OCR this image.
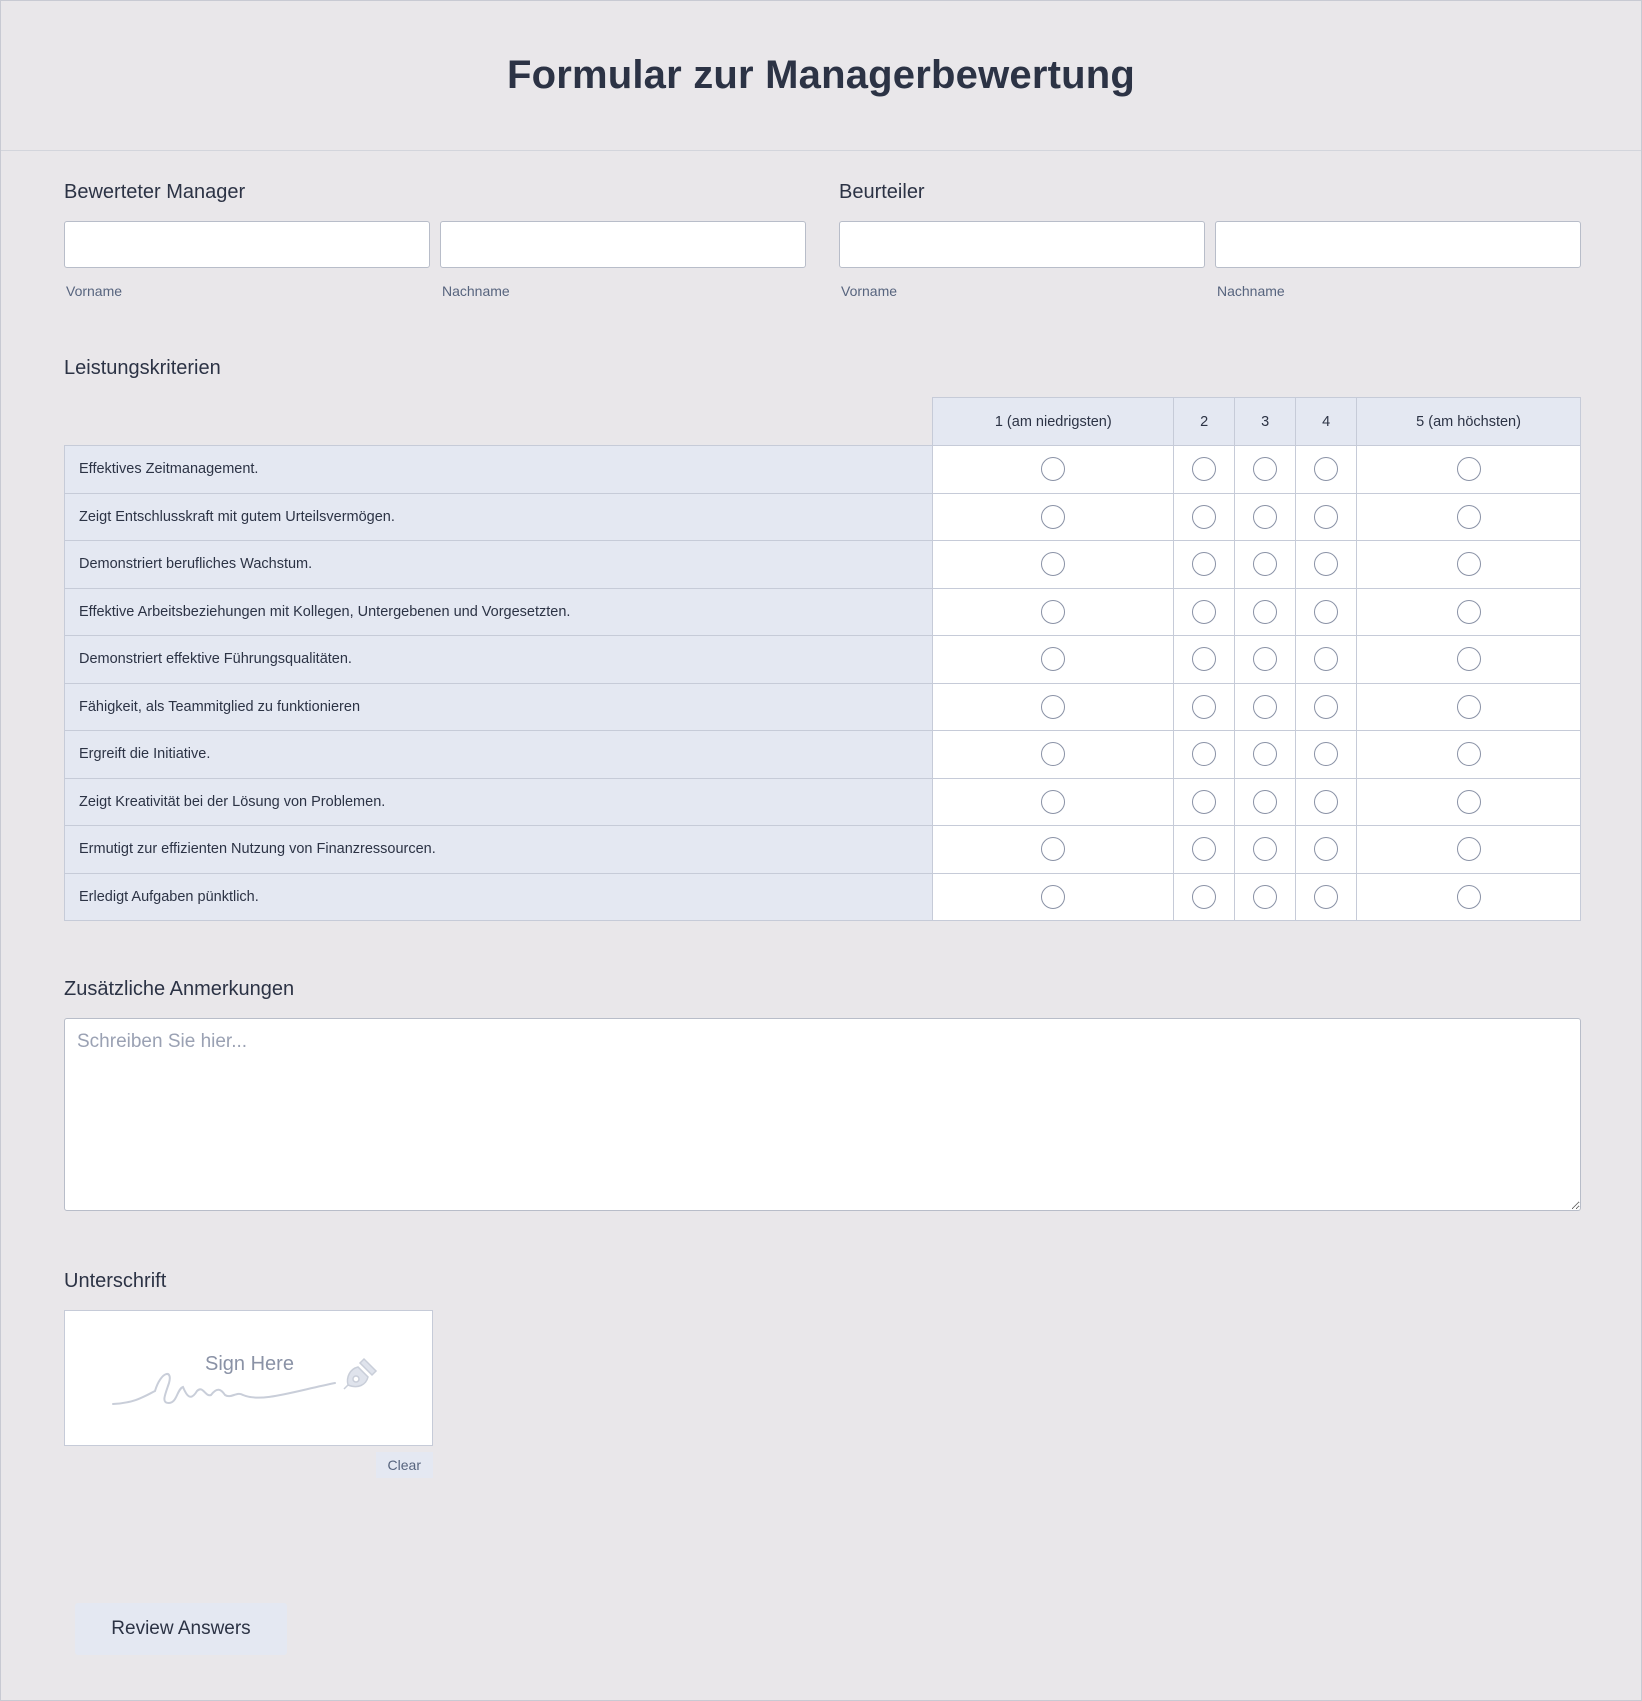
Formular zur Managerbewertung
Bewerteter Manager
Vorname	Nachname
Beurteiler
Vorname	Nachname
Leistungskriterien
	1 (am niedrigsten)	2	3	4	5 (am höchsten)
Effektives Zeitmanagement.					
Zeigt Entschlusskraft mit gutem Urteilsvermögen.					
Demonstriert berufliches Wachstum.					
Effektive Arbeitsbeziehungen mit Kollegen, Untergebenen und Vorgesetzten.					
Demonstriert effektive Führungsqualitäten.					
Fähigkeit, als Teammitglied zu funktionieren					
Ergreift die Initiative.					
Zeigt Kreativität bei der Lösung von Problemen.					
Ermutigt zur effizienten Nutzung von Finanzressourcen.					
Erledigt Aufgaben pünktlich.					
Zusätzliche Anmerkungen
Schreiben Sie hier...
Unterschrift
Sign Here
Clear
Review Answers
